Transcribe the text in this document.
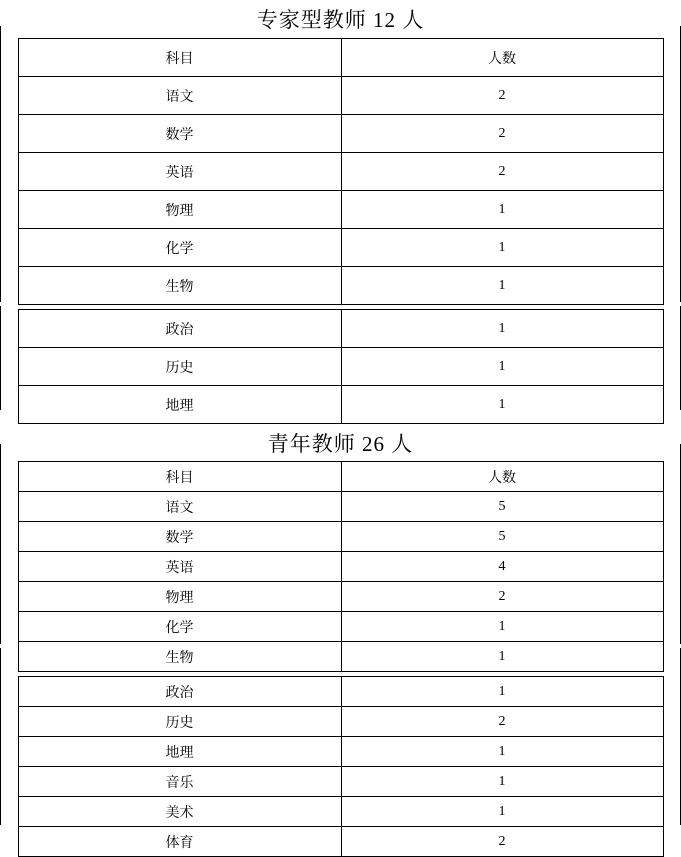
专家型教师 12 人
科目	人数
语文	2
数学	2
英语	2
物理	1
化学	1
生物	1
政治	1
历史	1
地理	1
青年教师 26 人
科目	人数
语文	5
数学	5
英语	4
物理	2
化学	1
生物	1
政治	1
历史	2
地理	1
音乐	1
美术	1
体育	2
